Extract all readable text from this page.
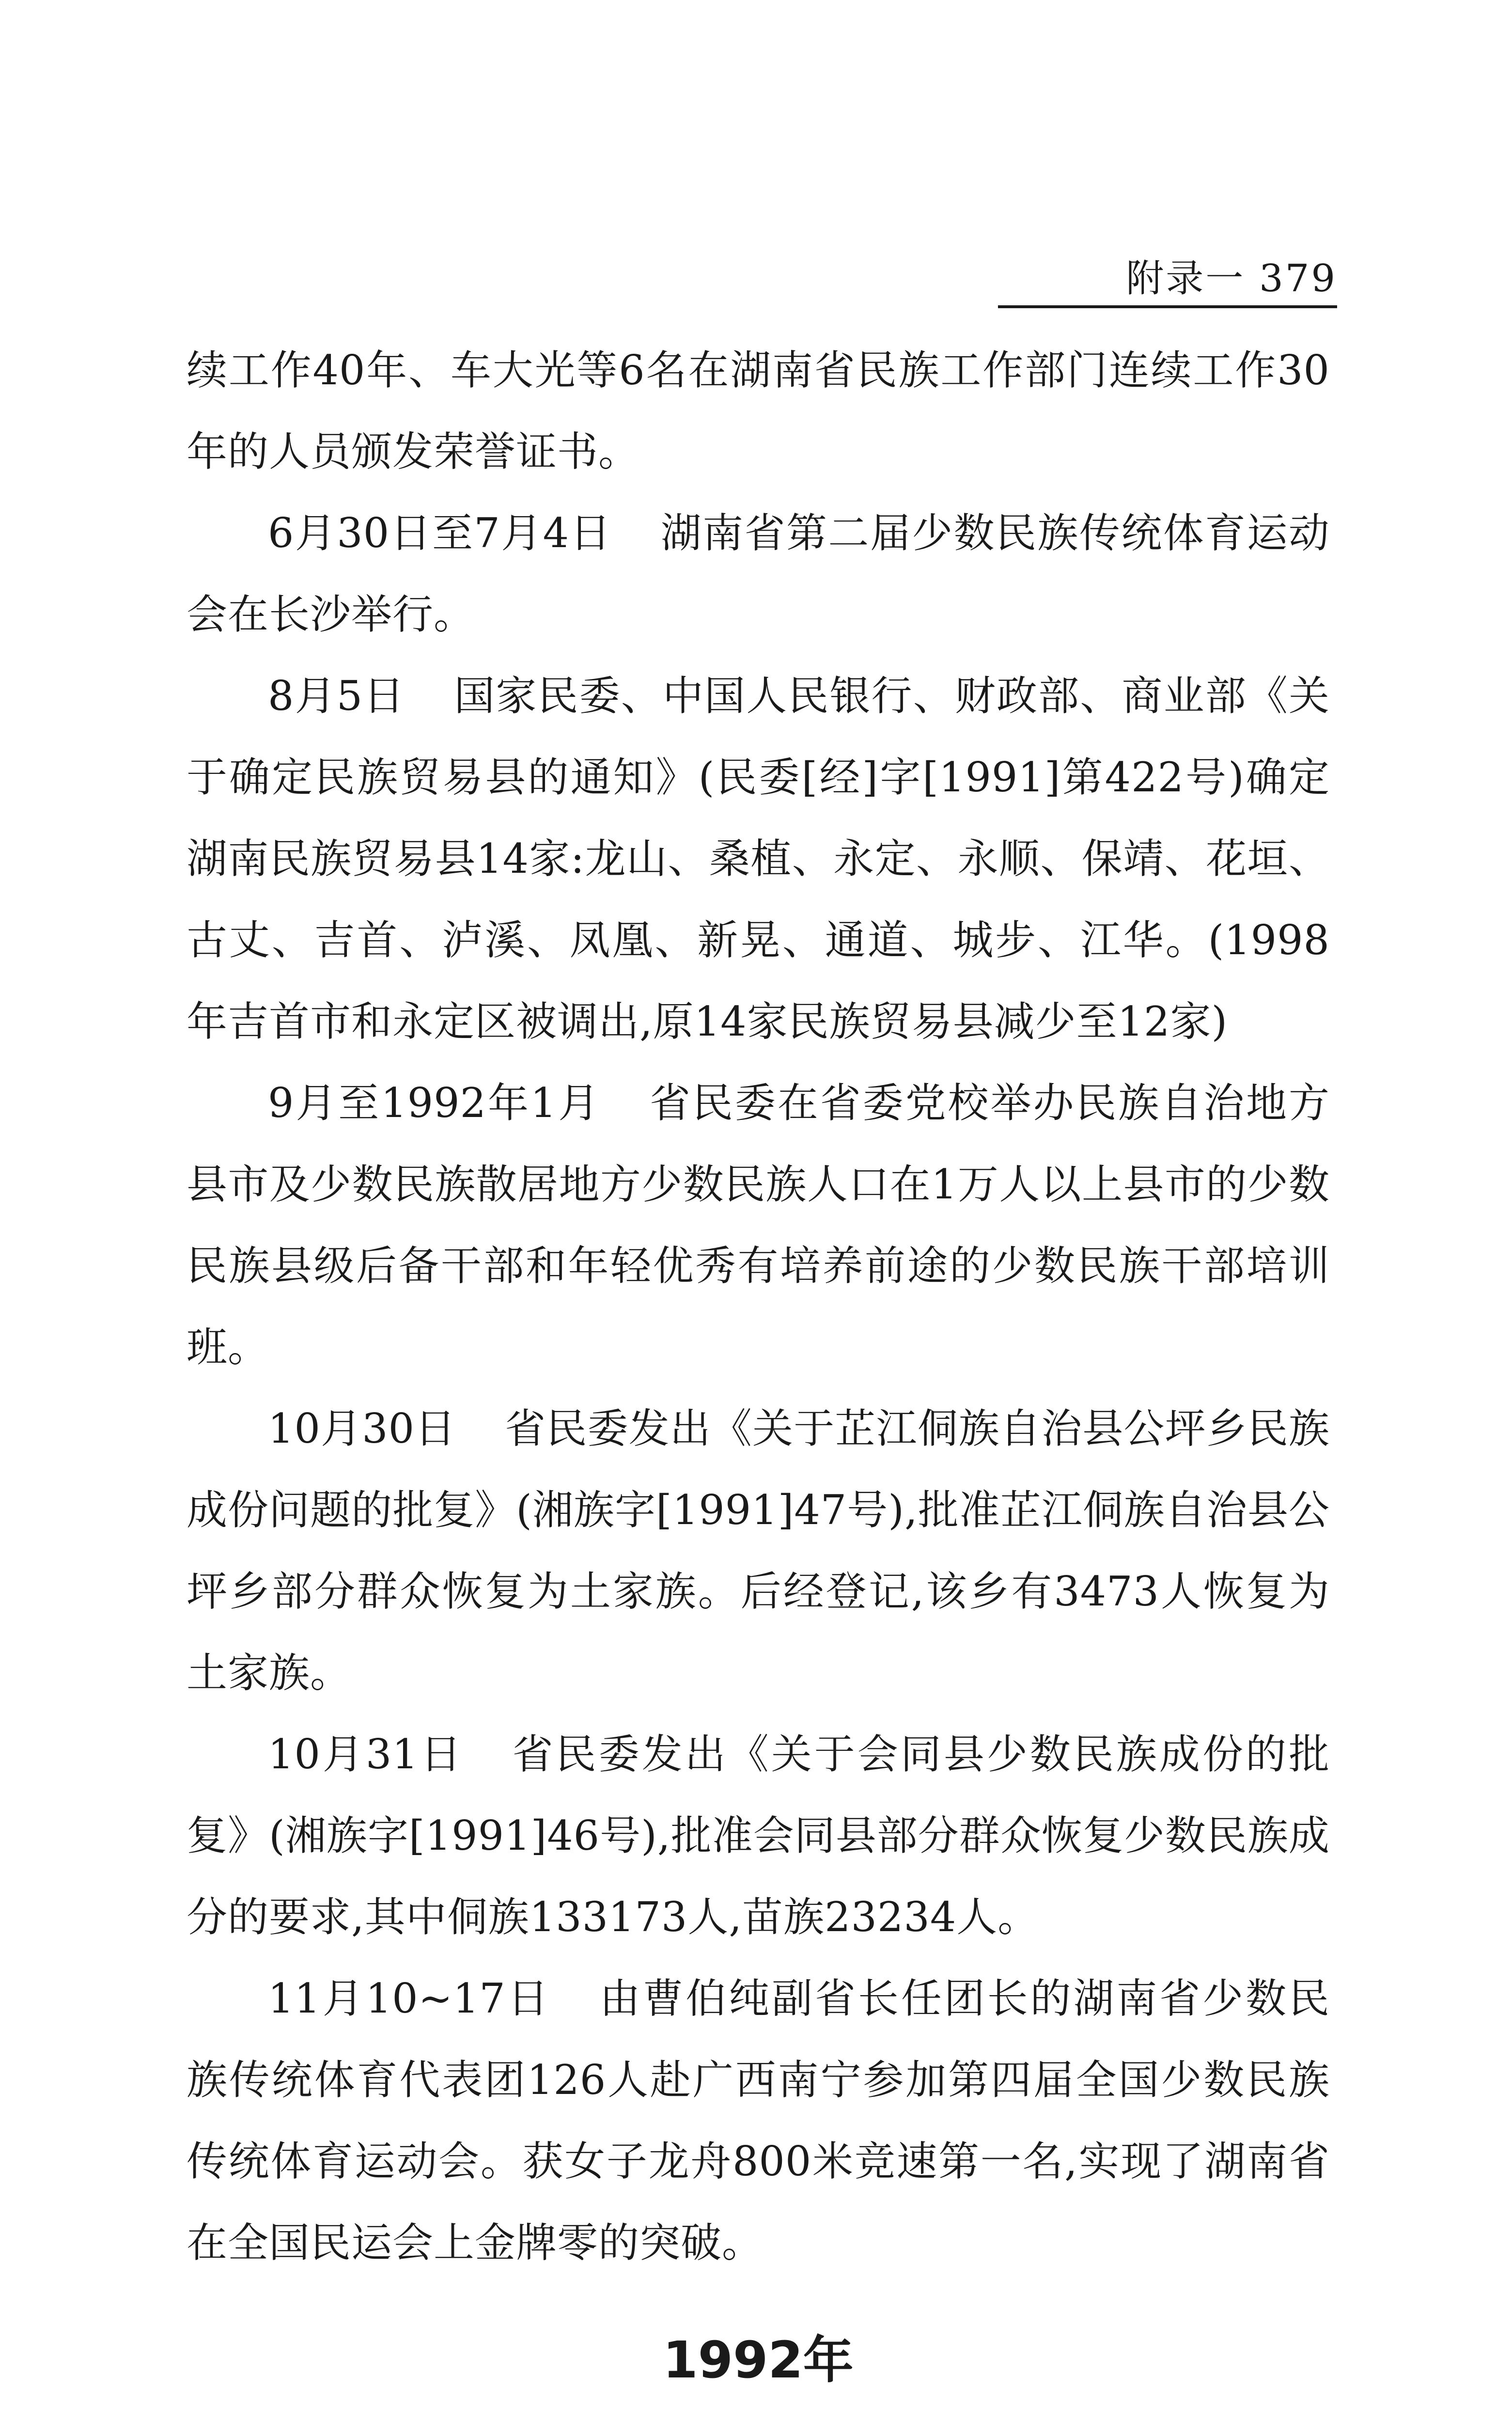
附录一 379

续工作40年、车大光等6名在湖南省民族工作部门连续工作30年的人员颁发荣誉证书。

6月30日至7月4日 湖南省第二届少数民族传统体育运动会在长沙举行。

8月5日 国家民委、中国人民银行、财政部、商业部《关于确定民族贸易县的通知》(民委[经]字[1991]第422号)确定湖南民族贸易县14家:龙山、桑植、永定、永顺、保靖、花垣、古丈、吉首、泸溪、凤凰、新晃、通道、城步、江华。(1998年吉首市和永定区被调出,原14家民族贸易县减少至12家)

9月至1992年1月 省民委在省委党校举办民族自治地方县市及少数民族散居地方少数民族人口在1万人以上县市的少数民族县级后备干部和年轻优秀有培养前途的少数民族干部培训班。

10月30日 省民委发出《关于芷江侗族自治县公坪乡民族成份问题的批复》(湘族字[1991]47号),批准芷江侗族自治县公坪乡部分群众恢复为土家族。后经登记,该乡有3473人恢复为土家族。

10月31日 省民委发出《关于会同县少数民族成份的批复》(湘族字[1991]46号),批准会同县部分群众恢复少数民族成分的要求,其中侗族133173人,苗族23234人。

11月10~17日 由曹伯纯副省长任团长的湖南省少数民族传统体育代表团126人赴广西南宁参加第四届全国少数民族传统体育运动会。获女子龙舟800米竞速第一名,实现了湖南省在全国民运会上金牌零的突破。

1992年
